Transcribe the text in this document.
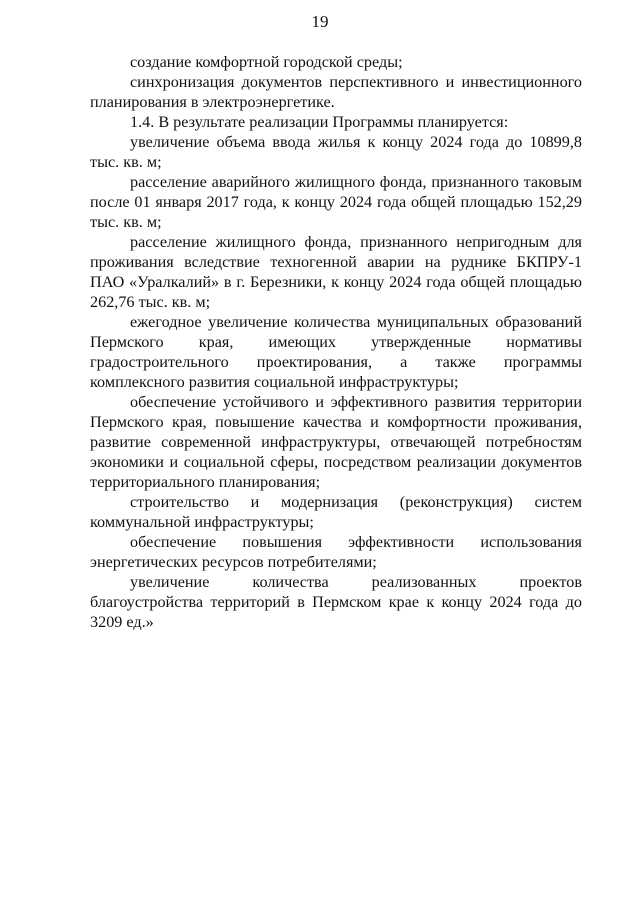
19

создание комфортной городской среды;

синхронизация документов перспективного и инвестиционного планирования в электроэнергетике.

1.4. В результате реализации Программы планируется:

увеличение объема ввода жилья к концу 2024 года до 10899,8 тыс. кв. м;

расселение аварийного жилищного фонда, признанного таковым после 01 января 2017 года, к концу 2024 года общей площадью 152,29 тыс. кв. м;

расселение жилищного фонда, признанного непригодным для проживания вследствие техногенной аварии на руднике БКПРУ-1 ПАО «Уралкалий» в г. Березники, к концу 2024 года общей площадью 262,76 тыс. кв. м;

ежегодное увеличение количества муниципальных образований Пермского края, имеющих утвержденные нормативы градостроительного проектирования, а также программы комплексного развития социальной инфраструктуры;

обеспечение устойчивого и эффективного развития территории Пермского края, повышение качества и комфортности проживания, развитие современной инфраструктуры, отвечающей потребностям экономики и социальной сферы, посредством реализации документов территориального планирования;

строительство и модернизация (реконструкция) систем коммунальной инфраструктуры;

обеспечение повышения эффективности использования энергетических ресурсов потребителями;

увеличение количества реализованных проектов благоустройства территорий в Пермском крае к концу 2024 года до 3209 ед.»
